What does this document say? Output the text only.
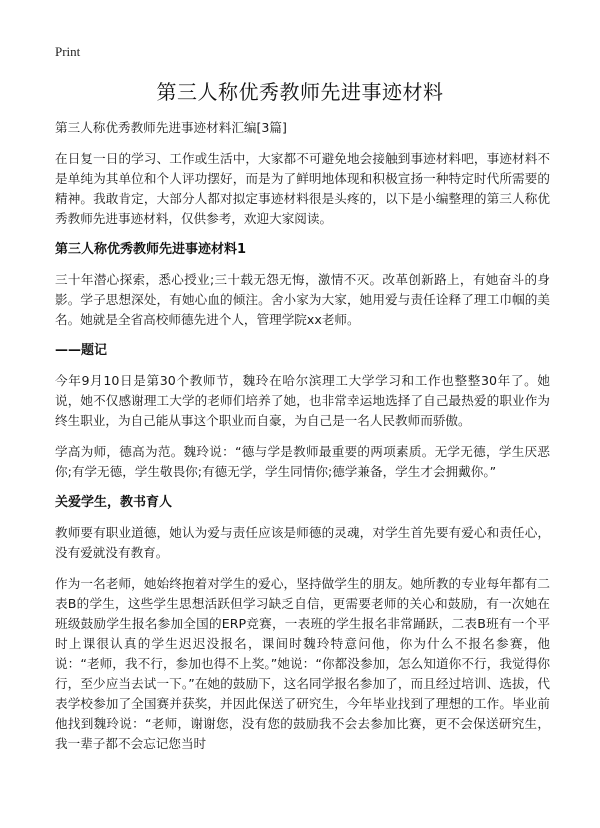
Print
第三人称优秀教师先进事迹材料

第三人称优秀教师先进事迹材料汇编[3篇]

在日复一日的学习、工作或生活中，大家都不可避免地会接触到事迹材料吧，事迹材料不是单纯为其单位和个人评功摆好，而是为了鲜明地体现和积极宣扬一种特定时代所需要的精神。我敢肯定，大部分人都对拟定事迹材料很是头疼的，以下是小编整理的第三人称优秀教师先进事迹材料，仅供参考，欢迎大家阅读。

第三人称优秀教师先进事迹材料1

三十年潜心探索，悉心授业;三十载无怨无悔，激情不灭。改革创新路上，有她奋斗的身影。学子思想深处，有她心血的倾注。舍小家为大家，她用爱与责任诠释了理工巾帼的美名。她就是全省高校师德先进个人，管理学院xx老师。

——题记

今年9月10日是第30个教师节，魏玲在哈尔滨理工大学学习和工作也整整30年了。她说，她不仅感谢理工大学的老师们培养了她，也非常幸运地选择了自己最热爱的职业作为终生职业，为自己能从事这个职业而自豪，为自己是一名人民教师而骄傲。

学高为师，德高为范。魏玲说：“德与学是教师最重要的两项素质。无学无德，学生厌恶你;有学无德，学生敬畏你;有德无学，学生同情你;德学兼备，学生才会拥戴你。”

关爱学生，教书育人

教师要有职业道德，她认为爱与责任应该是师德的灵魂，对学生首先要有爱心和责任心，没有爱就没有教育。

作为一名老师，她始终抱着对学生的爱心，坚持做学生的朋友。她所教的专业每年都有二表B的学生，这些学生思想活跃但学习缺乏自信，更需要老师的关心和鼓励，有一次她在班级鼓励学生报名参加全国的ERP竞赛，一表班的学生报名非常踊跃，二表B班有一个平时上课很认真的学生迟迟没报名，课间时魏玲特意问他，你为什么不报名参赛，他说：“老师，我不行，参加也得不上奖。”她说：“你都没参加，怎么知道你不行，我觉得你行，至少应当去试一下。”在她的鼓励下，这名同学报名参加了，而且经过培训、选拔，代表学校参加了全国赛并获奖，并因此保送了研究生，今年毕业找到了理想的工作。毕业前他找到魏玲说：“老师，谢谢您，没有您的鼓励我不会去参加比赛，更不会保送研究生，我一辈子都不会忘记您当时
